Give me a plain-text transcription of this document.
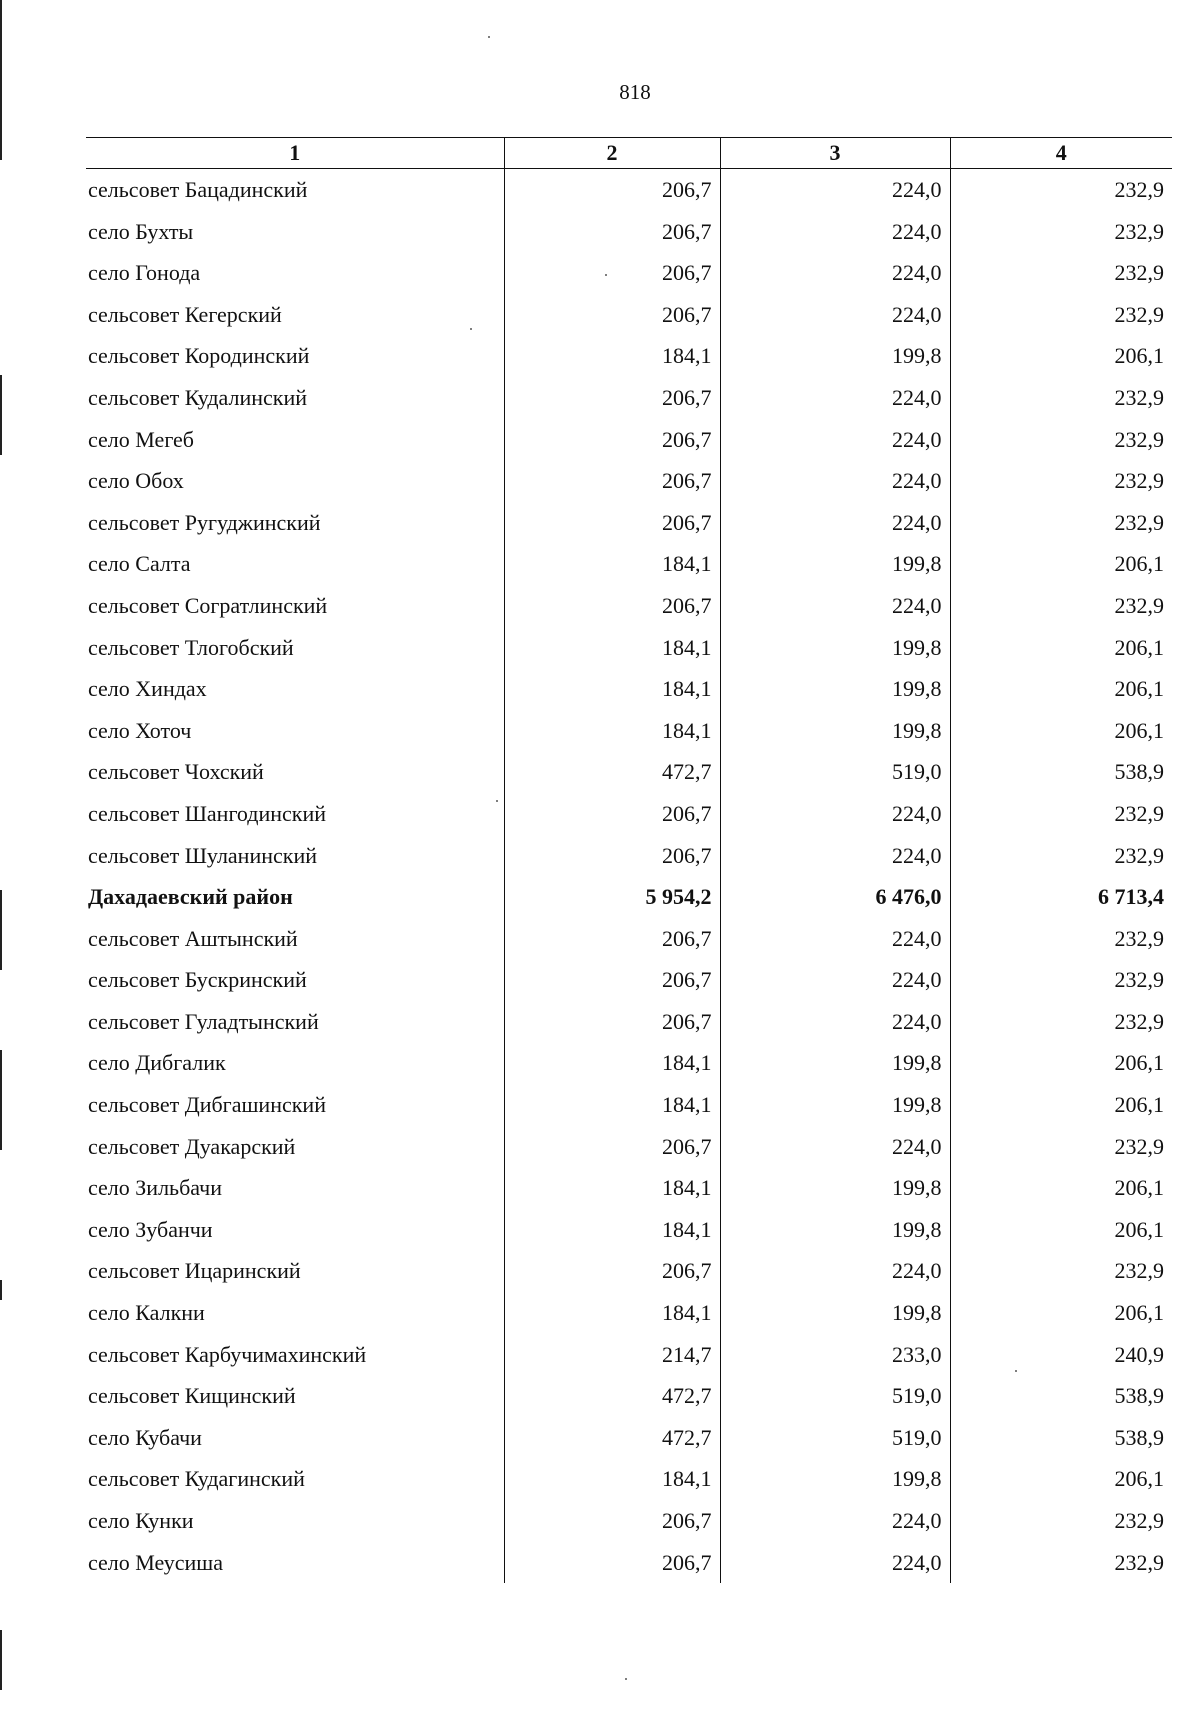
818
1	2	3	4
сельсовет Бацадинский	206,7	224,0	232,9
село Бухты	206,7	224,0	232,9
село Гонода	206,7	224,0	232,9
сельсовет Кегерский	206,7	224,0	232,9
сельсовет Кородинский	184,1	199,8	206,1
сельсовет Кудалинский	206,7	224,0	232,9
село Мегеб	206,7	224,0	232,9
село Обох	206,7	224,0	232,9
сельсовет Ругуджинский	206,7	224,0	232,9
село Салта	184,1	199,8	206,1
сельсовет Согратлинский	206,7	224,0	232,9
сельсовет Тлогобский	184,1	199,8	206,1
село Хиндах	184,1	199,8	206,1
село Хоточ	184,1	199,8	206,1
сельсовет Чохский	472,7	519,0	538,9
сельсовет Шангодинский	206,7	224,0	232,9
сельсовет Шуланинский	206,7	224,0	232,9
Дахадаевский район	5 954,2	6 476,0	6 713,4
сельсовет Аштынский	206,7	224,0	232,9
сельсовет Бускринский	206,7	224,0	232,9
сельсовет Гуладтынский	206,7	224,0	232,9
село Дибгалик	184,1	199,8	206,1
сельсовет Дибгашинский	184,1	199,8	206,1
сельсовет Дуакарский	206,7	224,0	232,9
село Зильбачи	184,1	199,8	206,1
село Зубанчи	184,1	199,8	206,1
сельсовет Ицаринский	206,7	224,0	232,9
село Калкни	184,1	199,8	206,1
сельсовет Карбучимахинский	214,7	233,0	240,9
сельсовет Кищинский	472,7	519,0	538,9
село Кубачи	472,7	519,0	538,9
сельсовет Кудагинский	184,1	199,8	206,1
село Кунки	206,7	224,0	232,9
село Меусиша	206,7	224,0	232,9
